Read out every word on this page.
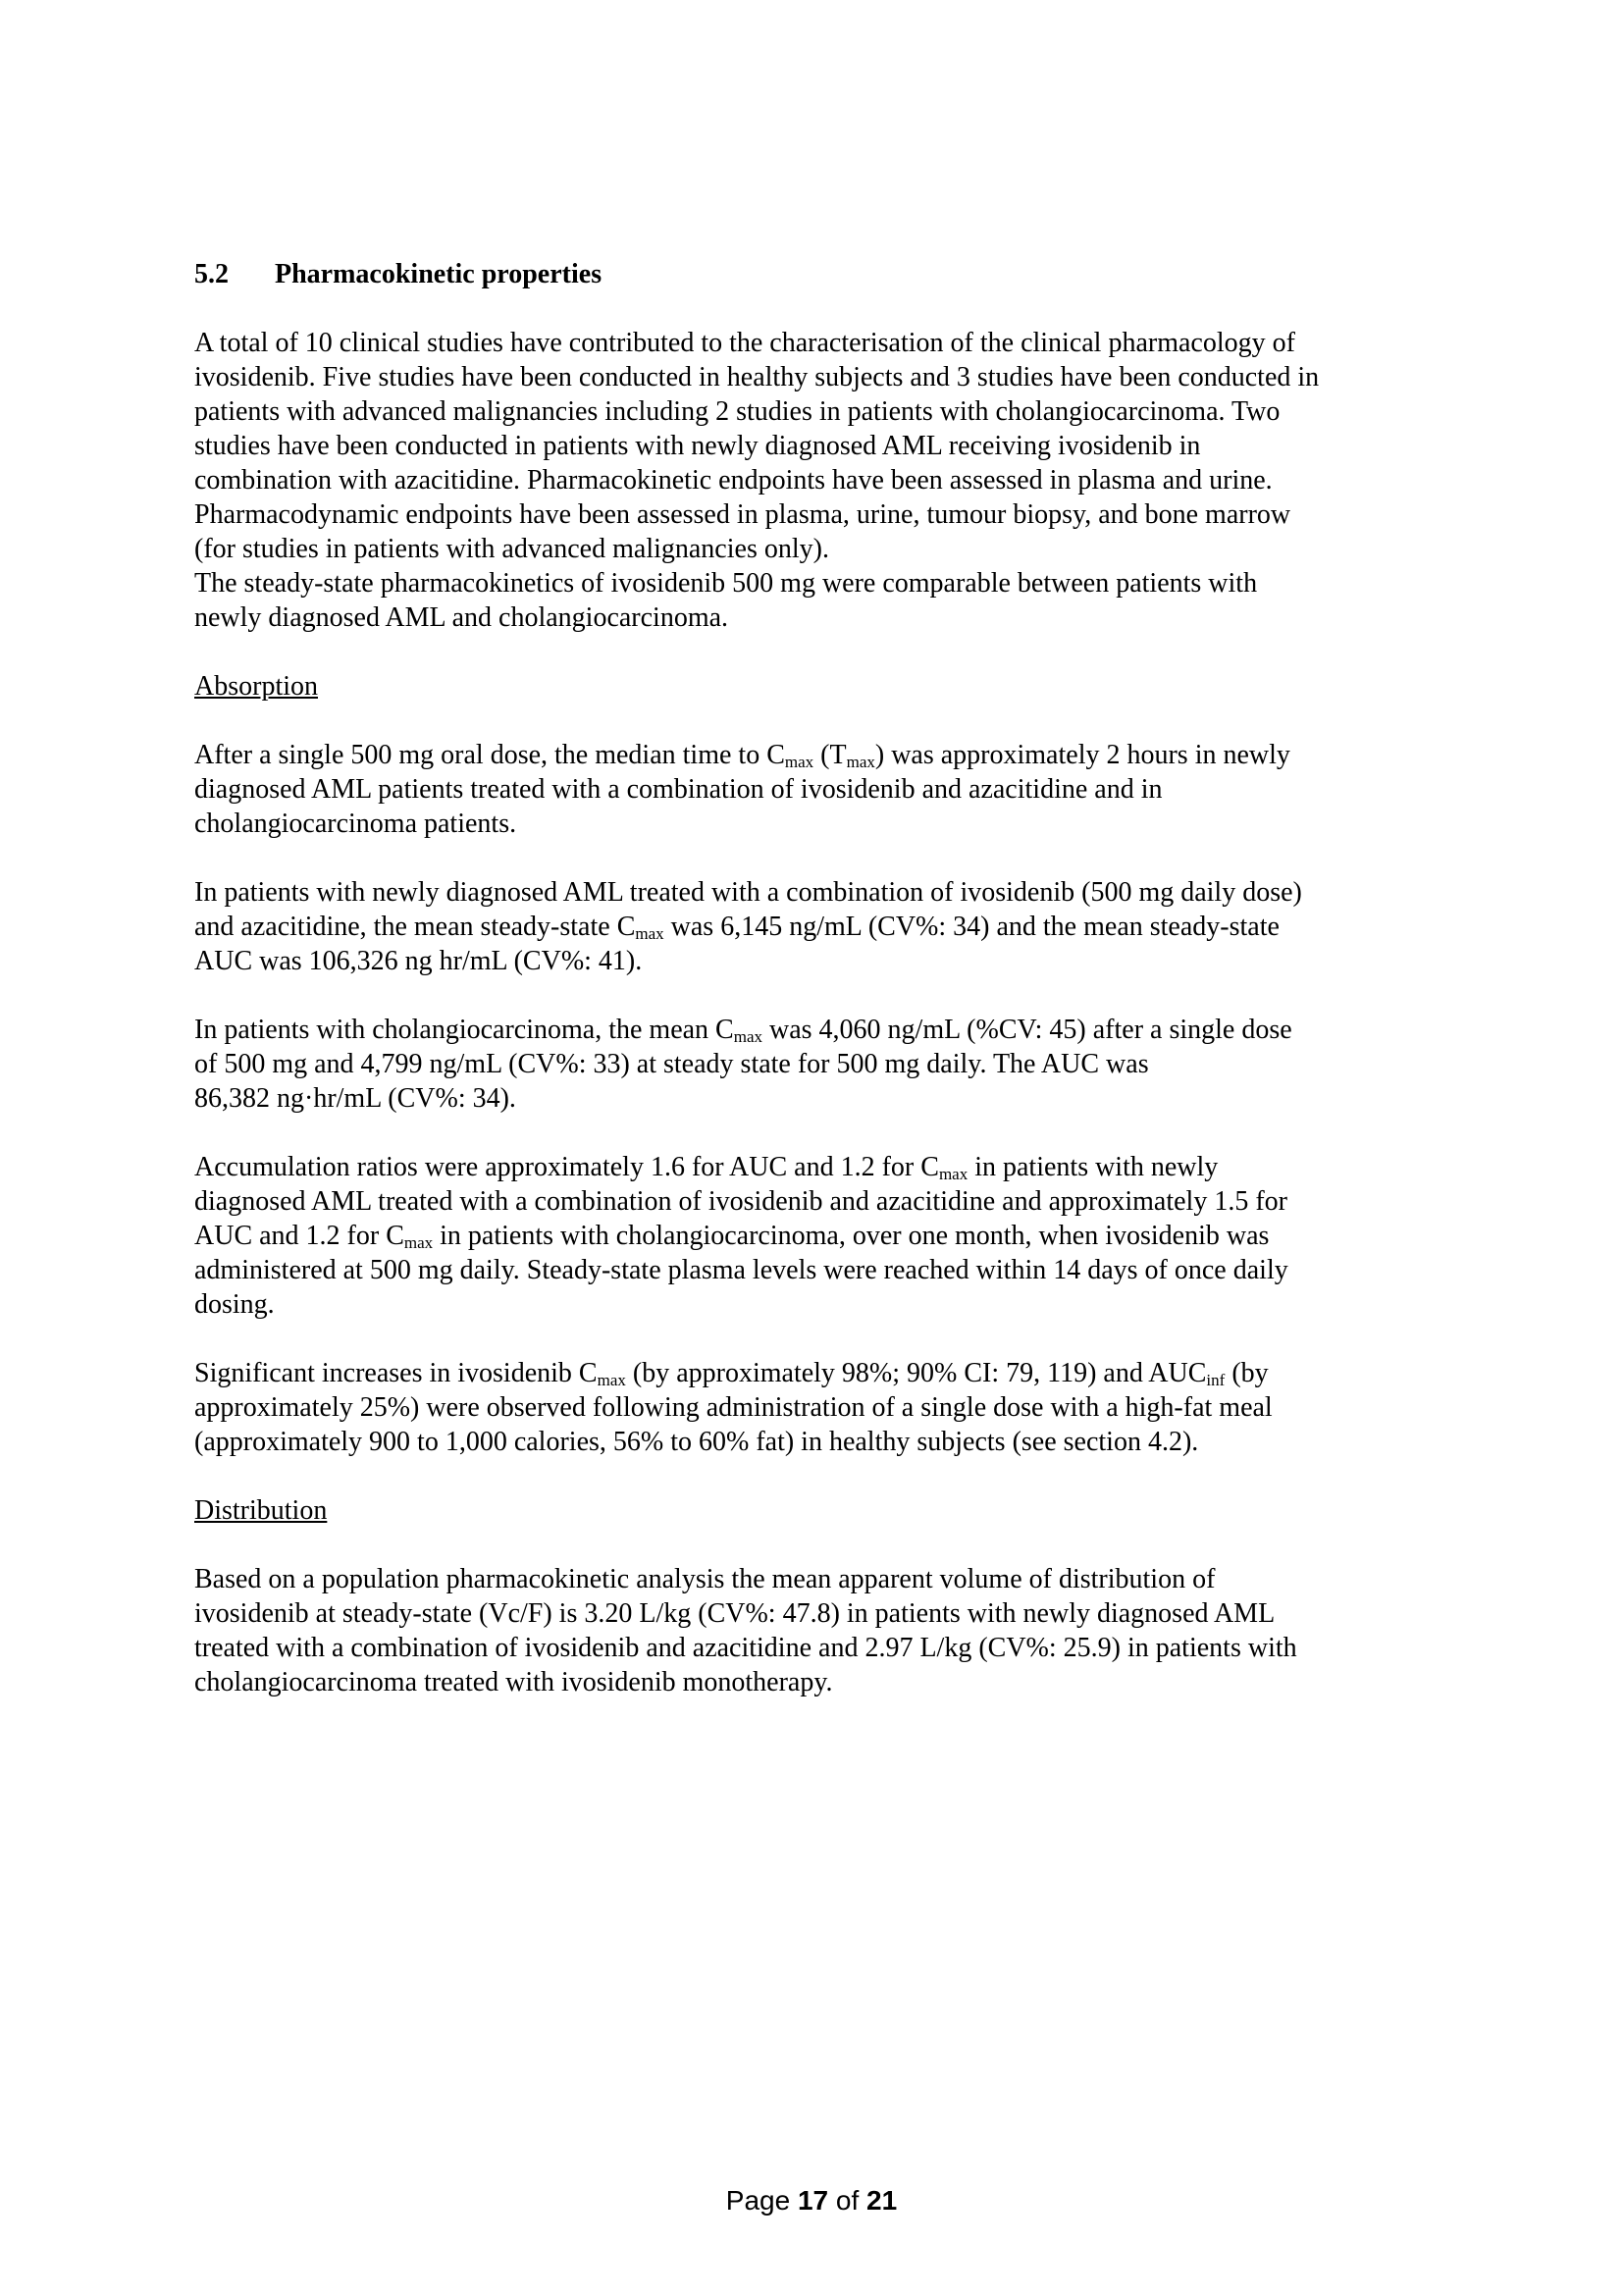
5.2 Pharmacokinetic properties

A total of 10 clinical studies have contributed to the characterisation of the clinical pharmacology of
ivosidenib. Five studies have been conducted in healthy subjects and 3 studies have been conducted in
patients with advanced malignancies including 2 studies in patients with cholangiocarcinoma. Two
studies have been conducted in patients with newly diagnosed AML receiving ivosidenib in
combination with azacitidine. Pharmacokinetic endpoints have been assessed in plasma and urine.
Pharmacodynamic endpoints have been assessed in plasma, urine, tumour biopsy, and bone marrow
(for studies in patients with advanced malignancies only).

The steady-state pharmacokinetics of ivosidenib 500 mg were comparable between patients with
newly diagnosed AML and cholangiocarcinoma.

Absorption

After a single 500 mg oral dose, the median time to $C_{max}$ $(T_{max})$ was approximately 2 hours in newly
diagnosed AML patients treated with a combination of ivosidenib and azacitidine and in
cholangiocarcinoma patients.

In patients with newly diagnosed AML treated with a combination of ivosidenib (500 mg daily dose)
and azacitidine, the mean steady-state $C_{max}$ was 6,145 ng/mL (CV%: 34) and the mean steady-state
AUC was 106,326 ng hr/mL (CV%: 41).

In patients with cholangiocarcinoma, the mean $C_{max}$ was 4,060 ng/mL (%CV: 45) after a single dose
of 500 mg and 4,799 ng/mL (CV%: 33) at steady state for 500 mg daily. The AUC was
86,382 ng·hr/mL (CV%: 34).

Accumulation ratios were approximately 1.6 for AUC and 1.2 for $C_{max}$ in patients with newly
diagnosed AML treated with a combination of ivosidenib and azacitidine and approximately 1.5 for
AUC and 1.2 for $C_{max}$ in patients with cholangiocarcinoma, over one month, when ivosidenib was
administered at 500 mg daily. Steady-state plasma levels were reached within 14 days of once daily
dosing.

Significant increases in ivosidenib $C_{max}$ (by approximately 98%; 90% CI: 79, 119) and $AUC_{inf}$ (by
approximately 25%) were observed following administration of a single dose with a high-fat meal
(approximately 900 to 1,000 calories, 56% to 60% fat) in healthy subjects (see section 4.2).

Distribution

Based on a population pharmacokinetic analysis the mean apparent volume of distribution of
ivosidenib at steady-state (Vc/F) is 3.20 L/kg (CV%: 47.8) in patients with newly diagnosed AML
treated with a combination of ivosidenib and azacitidine and 2.97 L/kg (CV%: 25.9) in patients with
cholangiocarcinoma treated with ivosidenib monotherapy.

Page 17 of 21
